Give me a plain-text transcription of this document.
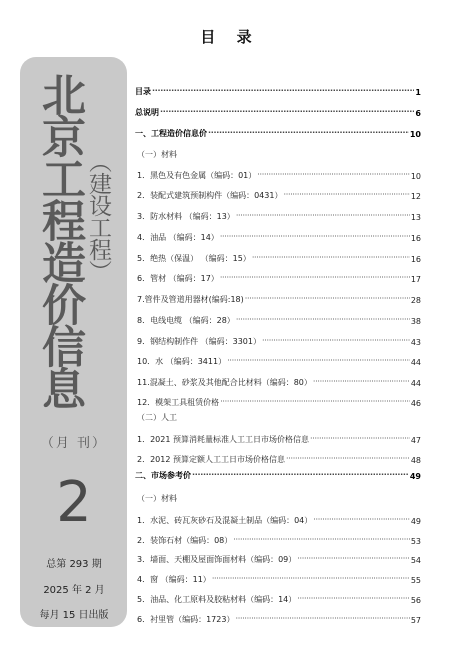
目 录
北京工程造价信息 （建设工程）
（月 刊）
2
总第 293 期
2025 年 2 月
每月 15 日出版
目录 ·····	1
总说明 ·····	6
一、工程造价信息价 ·····	10
（一）材料
1．黑色及有色金属（编码：01） ·····	10
2．装配式建筑预制构件（编码：0431） ·····	12
3．防水材料 （编码：13） ·····	13
4．油品 （编码：14） ·····	16
5．绝热（保温） （编码：15） ·····	16
6．管材 （编码：17） ·····	17
7.管件及管道用器材(编码:18) ·····	28
8．电线电缆 （编码：28） ·····	38
9．钢结构制作件 （编码：3301） ·····	43
10．水 （编码：3411） ·····	44
11.混凝土、砂浆及其他配合比材料（编码：80） ·····	44
12．模架工具租赁价格 ·····	46
（二）人工
1．2021 预算消耗量标准人工工日市场价格信息 ·····	47
2．2012 预算定额人工工日市场价格信息 ·····	48
二、市场参考价 ·····	49
（一）材料
1．水泥、砖瓦灰砂石及混凝土制品（编码：04） ·····	49
2．装饰石材（编码：08） ·····	53
3．墙面、天棚及屋面饰面材料（编码：09） ·····	54
4．窗 （编码：11） ·····	55
5．油品、化工原料及胶粘材料（编码：14） ·····	56
6．衬里管（编码：1723） ·····	57
